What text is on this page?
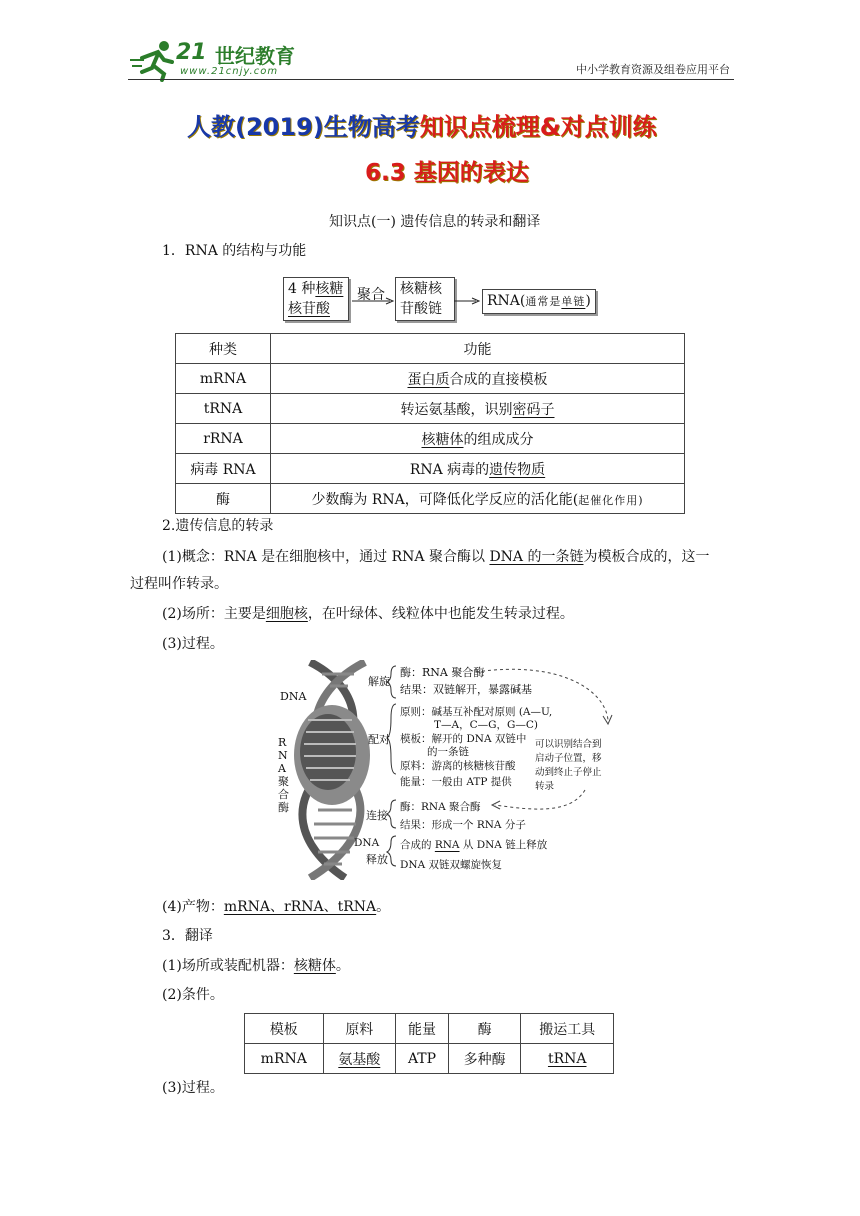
21 世纪教育
www.21cnjy.com	中小学教育资源及组卷应用平台
人教(2019)生物高考知识点梳理&对点训练
6.3 基因的表达
知识点(一) 遗传信息的转录和翻译
1．RNA 的结构与功能
4 种核糖
核苷酸
聚合 核糖核
苷酸链	RNA(通常是单链)
种类	功能
mRNA	蛋白质合成的直接模板
tRNA	转运氨基酸，识别密码子
rRNA	核糖体的组成成分
病毒 RNA	RNA 病毒的遗传物质
酶	少数酶为 RNA，可降低化学反应的活化能(起催化作用)
2.遗传信息的转录
(1)概念：RNA 是在细胞核中，通过 RNA 聚合酶以 DNA 的一条链为模板合成的，这一
过程叫作转录。
(2)场所：主要是细胞核，在叶绿体、线粒体中也能发生转录过程。
(3)过程。
DNA
RNA聚合酶
解旋
酶：RNA 聚合酶
结果：双链解开，暴露碱基
配对
原则：碱基互补配对原则 (A—U,
T—A，C—G，G—C)
模板：解开的 DNA 双链中
的一条链
原料：游离的核糖核苷酸
能量：一般由 ATP 提供
可以识别结合到
启动子位置，移
动到终止子停止
转录
连接
酶：RNA 聚合酶
结果：形成一个 RNA 分子
DNA
释放
合成的 RNA 从 DNA 链上释放
DNA 双链双螺旋恢复
(4)产物：mRNA、rRNA、tRNA。
3．翻译
(1)场所或装配机器：核糖体。
(2)条件。
模板	原料	能量	酶	搬运工具
mRNA	氨基酸	ATP	多种酶	tRNA
(3)过程。
